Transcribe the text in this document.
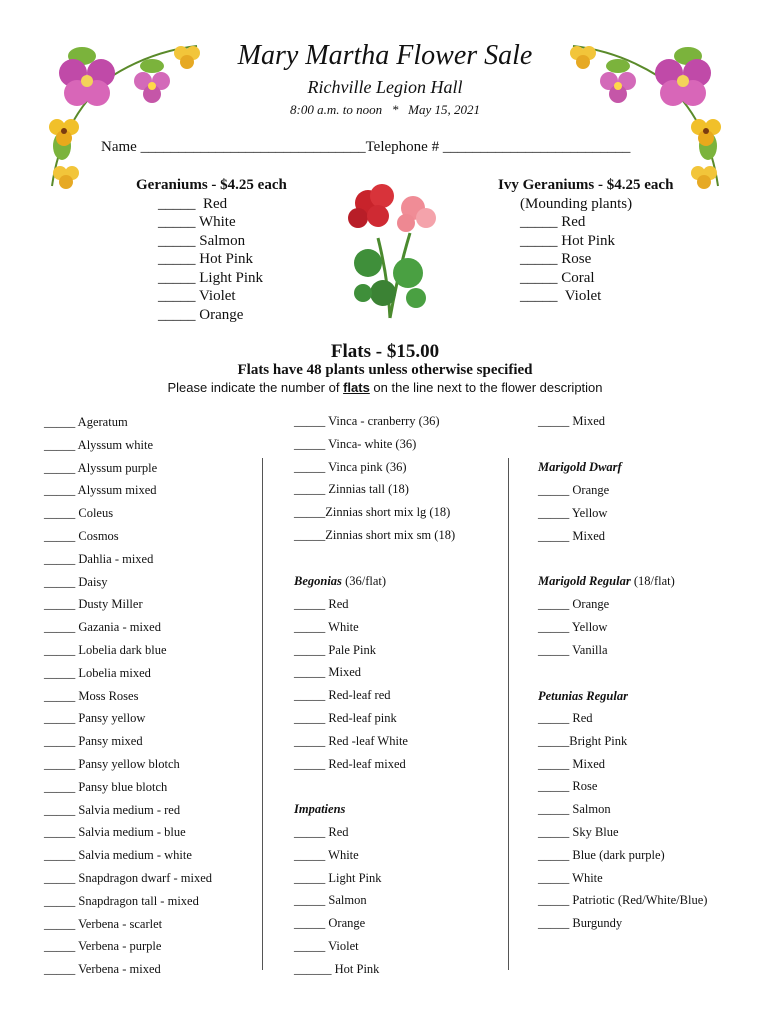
Mary Martha Flower Sale
Richville Legion Hall
8:00 a.m. to noon   *   May 15, 2021
Name ______________________________Telephone # _________________________
Geraniums - $4.25 each
_____  Red
_____ White
_____ Salmon
_____ Hot Pink
_____ Light Pink
_____ Violet
_____ Orange
Ivy Geraniums - $4.25 each
(Mounding plants)
_____ Red
_____ Hot Pink
_____ Rose
_____ Coral
_____  Violet
Flats - $15.00
Flats have 48 plants unless otherwise specified
Please indicate the number of flats on the line next to the flower description
_____ Ageratum
_____ Alyssum white
_____ Alyssum purple
_____ Alyssum mixed
_____ Coleus
_____ Cosmos
_____ Dahlia - mixed
_____ Daisy
_____ Dusty Miller
_____ Gazania - mixed
_____ Lobelia dark blue
_____ Lobelia mixed
_____ Moss Roses
_____ Pansy yellow
_____ Pansy mixed
_____ Pansy yellow blotch
_____ Pansy blue blotch
_____ Salvia medium - red
_____ Salvia medium - blue
_____ Salvia medium - white
_____ Snapdragon dwarf - mixed
_____ Snapdragon tall - mixed
_____ Verbena - scarlet
_____ Verbena - purple
_____ Verbena - mixed
_____ Vinca - cranberry (36)
_____ Vinca- white (36)
_____ Vinca pink (36)
_____ Zinnias tall (18)
_____Zinnias short mix lg (18)
_____Zinnias short mix sm (18)
Begonias (36/flat)
_____ Red
_____ White
_____ Pale Pink
_____ Mixed
_____ Red-leaf red
_____ Red-leaf pink
_____ Red -leaf White
_____ Red-leaf mixed
Impatiens
_____ Red
_____ White
_____ Light Pink
_____ Salmon
_____ Orange
_____ Violet
______ Hot Pink
_____ Mixed
Marigold Dwarf
_____ Orange
_____ Yellow
_____ Mixed
Marigold Regular (18/flat)
_____ Orange
_____ Yellow
_____ Vanilla
Petunias Regular
_____ Red
_____Bright Pink
_____ Mixed
_____ Rose
_____ Salmon
_____ Sky Blue
_____ Blue (dark purple)
_____ White
_____ Patriotic (Red/White/Blue)
_____ Burgundy
